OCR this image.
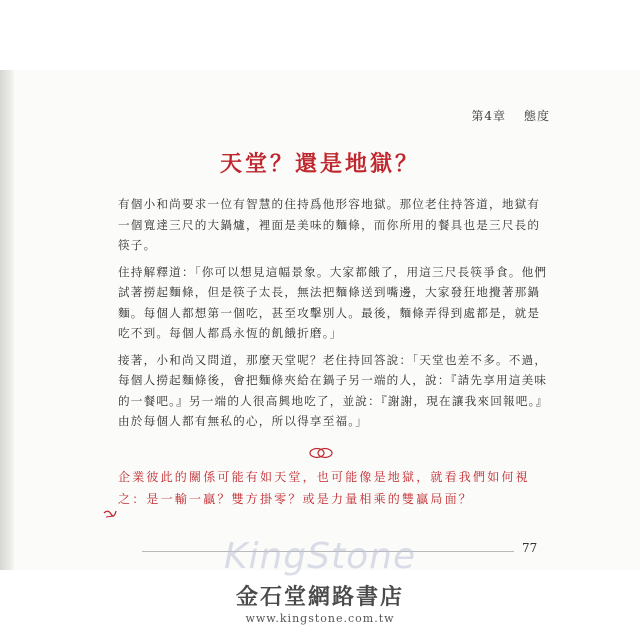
第4章 態度
天堂？還是地獄？

有個小和尚要求一位有智慧的住持爲他形容地獄。那位老住持答道，地獄有一個寬達三尺的大鍋爐，裡面是美味的麵條，而你所用的餐具也是三尺長的筷子。

住持解釋道：「你可以想見這幅景象。大家都餓了，用這三尺長筷爭食。他們試著撈起麵條，但是筷子太長，無法把麵條送到嘴邊，大家發狂地攪著那鍋麵。每個人都想第一個吃，甚至攻擊別人。最後，麵條弄得到處都是，就是吃不到。每個人都爲永恆的飢餓折磨。」

接著，小和尚又問道，那麼天堂呢？老住持回答說：「天堂也差不多。不過，每個人撈起麵條後，會把麵條夾給在鍋子另一端的人，說：『請先享用這美味的一餐吧。』另一端的人很高興地吃了，並說：『謝謝，現在讓我來回報吧。』由於每個人都有無私的心，所以得享至福。」

企業彼此的關係可能有如天堂，也可能像是地獄，就看我們如何視之：是一輸一贏？雙方掛零？或是力量相乘的雙贏局面？

77
KingStone
金石堂網路書店
www.kingstone.com.tw
